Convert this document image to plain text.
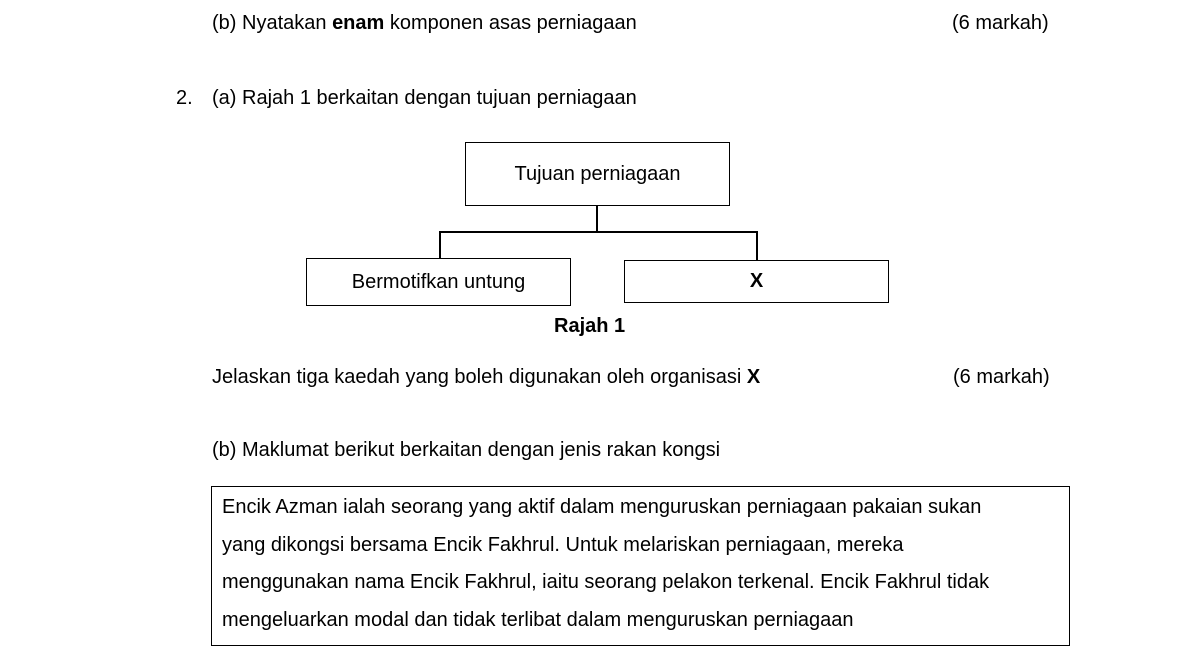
(b) Nyatakan enam komponen asas perniagaan	(6 markah)
2. (a) Rajah 1 berkaitan dengan tujuan perniagaan
Tujuan perniagaan
Bermotifkan untung	X
Rajah 1
Jelaskan tiga kaedah yang boleh digunakan oleh organisasi X	(6 markah)
(b) Maklumat berikut berkaitan dengan jenis rakan kongsi

Encik Azman ialah seorang yang aktif dalam menguruskan perniagaan pakaian sukan

yang dikongsi bersama Encik Fakhrul. Untuk melariskan perniagaan, mereka

menggunakan nama Encik Fakhrul, iaitu seorang pelakon terkenal. Encik Fakhrul tidak

mengeluarkan modal dan tidak terlibat dalam menguruskan perniagaan
